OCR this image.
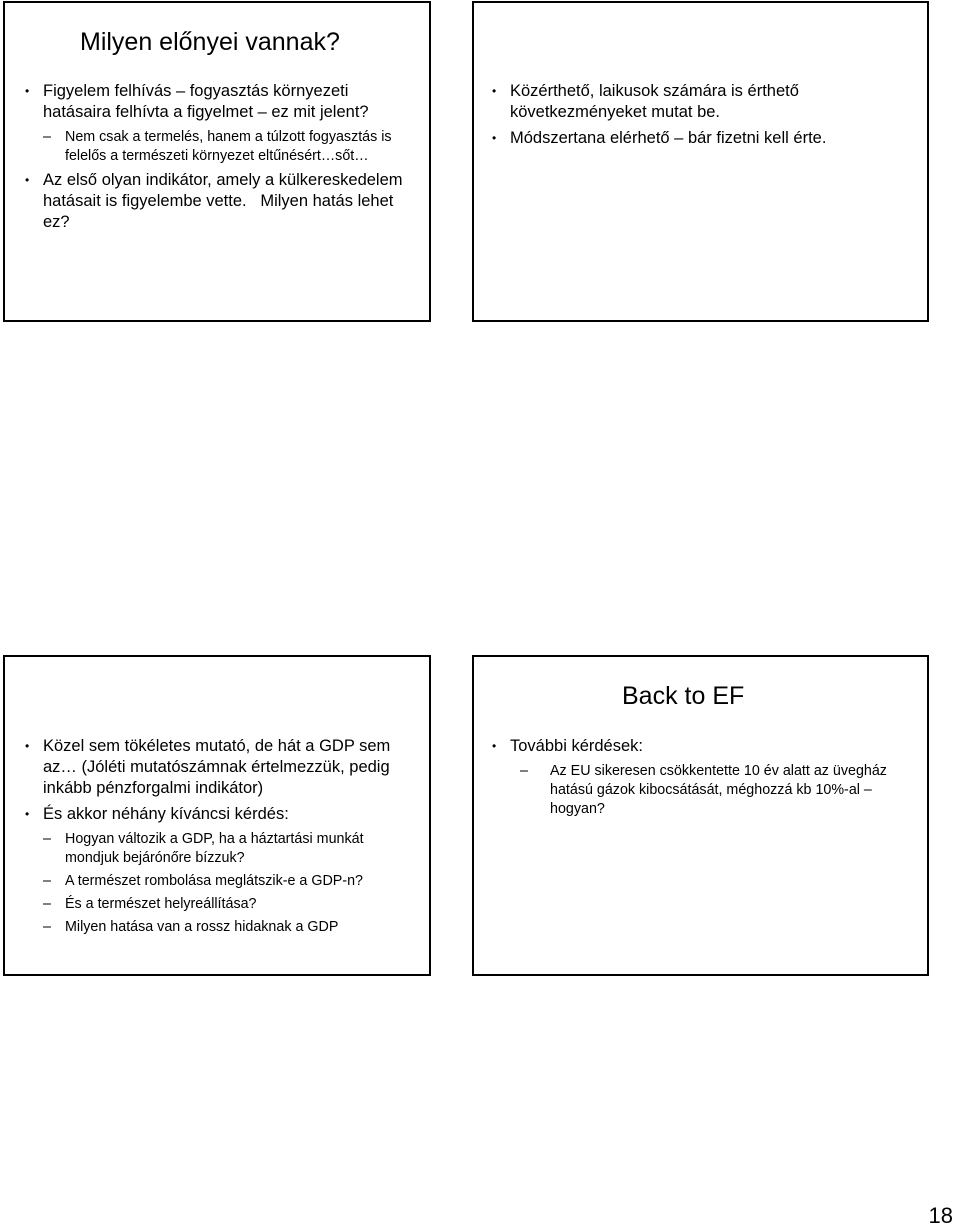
Milyen előnyei vannak?
• Figyelem felhívás – fogyasztás környezeti hatásaira felhívta a figyelmet – ez mit jelent?
– Nem csak a termelés, hanem a túlzott fogyasztás is felelős a természeti környezet eltűnésért…sőt…
• Az első olyan indikátor, amely a külkereskedelem hatásait is figyelembe vette.   Milyen hatás lehet ez?
• Közérthető, laikusok számára is érthető következményeket mutat be.
• Módszertana elérhető – bár fizetni kell érte.
• Közel sem tökéletes mutató, de hát a GDP sem az… (Jóléti mutatószámnak értelmezzük, pedig inkább pénzforgalmi indikátor)
• És akkor néhány kíváncsi kérdés:
– Hogyan változik a GDP, ha a háztartási munkát mondjuk bejárónőre bízzuk?
– A természet rombolása meglátszik-e a GDP-n?
– És a természet helyreállítása?
– Milyen hatása van a rossz hidaknak a GDP
Back to EF
• További kérdések:
– Az EU sikeresen csökkentette 10 év alatt az üvegház hatású gázok kibocsátását, méghozzá kb 10%-al – hogyan?
18
